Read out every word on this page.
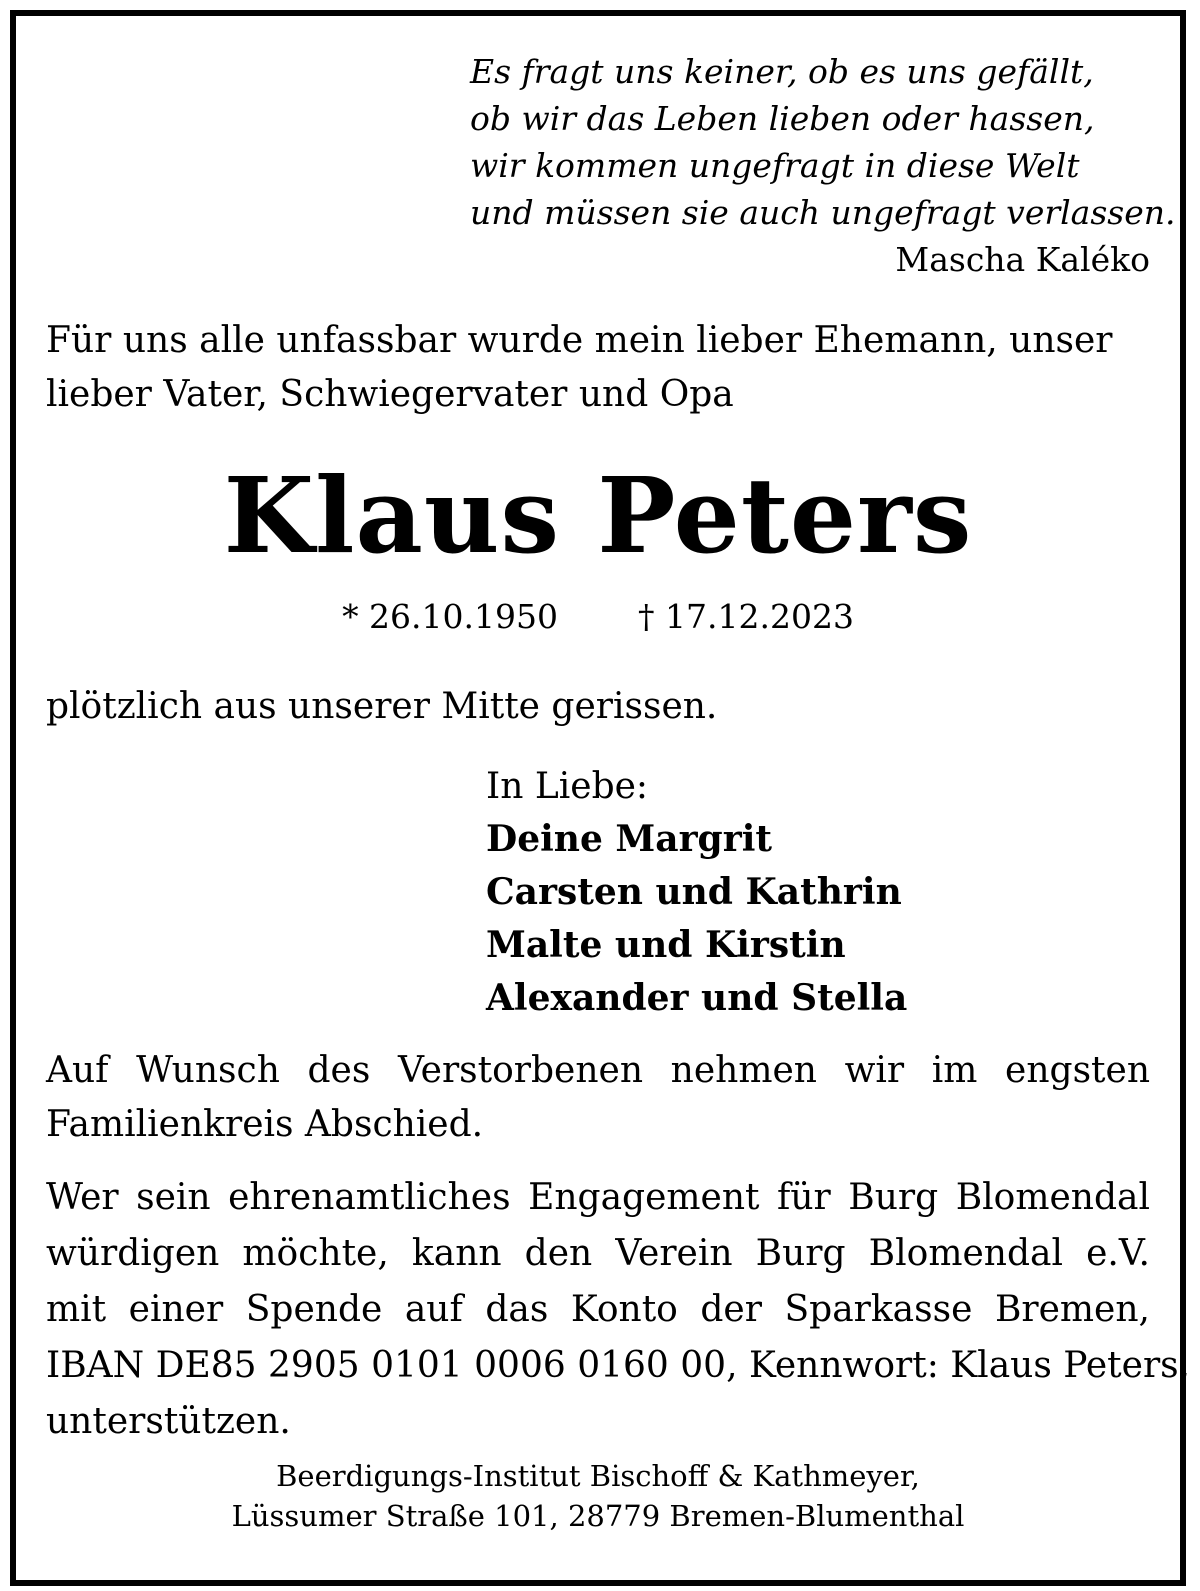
Es fragt uns keiner, ob es uns gefällt,
ob wir das Leben lieben oder hassen,
wir kommen ungefragt in diese Welt
und müssen sie auch ungefragt verlassen.
Mascha Kaléko
Für uns alle unfassbar wurde mein lieber Ehemann, unser
lieber Vater, Schwiegervater und Opa
Klaus Peters
* 26.10.1950 † 17.12.2023
plötzlich aus unserer Mitte gerissen.
In Liebe:
Deine Margrit
Carsten und Kathrin
Malte und Kirstin
Alexander und Stella
Auf Wunsch des Verstorbenen nehmen wir im engsten
Familienkreis Abschied.
Wer sein ehrenamtliches Engagement für Burg Blomendal
würdigen möchte, kann den Verein Burg Blomendal e.V.
mit einer Spende auf das Konto der Sparkasse Bremen,
IBAN DE85 2905 0101 0006 0160 00, Kennwort: Klaus Peters,
unterstützen.
Beerdigungs-Institut Bischoff & Kathmeyer,
Lüssumer Straße 101, 28779 Bremen-Blumenthal
